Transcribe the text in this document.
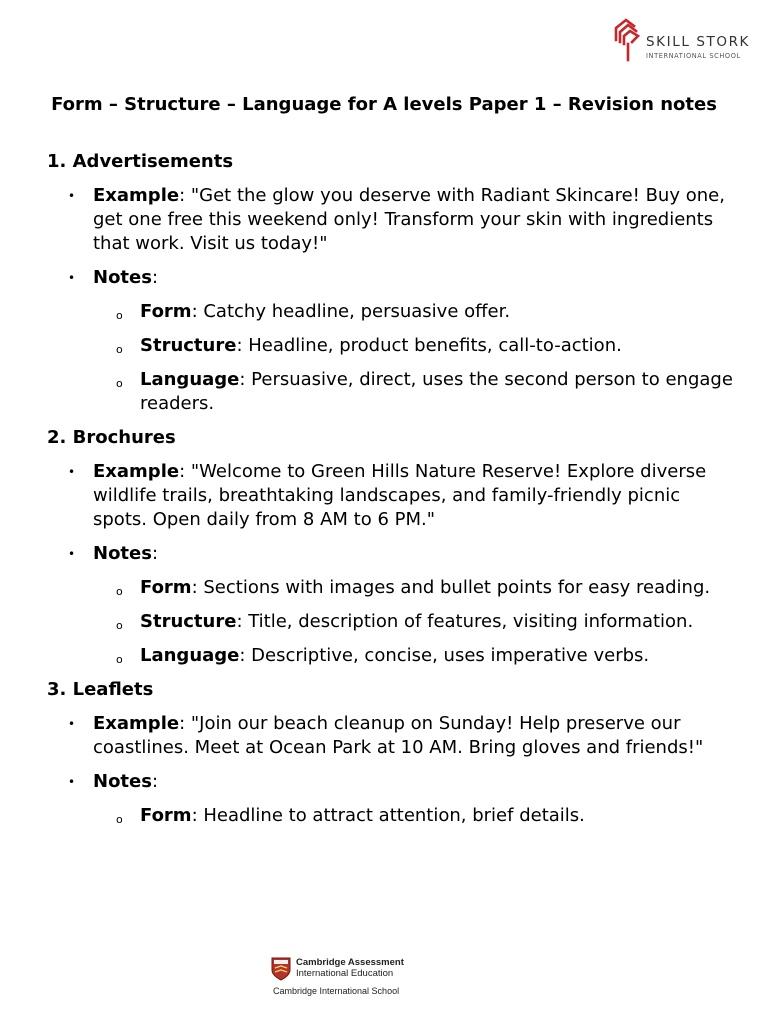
SKILL STORK
INTERNATIONAL SCHOOL
Form – Structure – Language for A levels Paper 1 – Revision notes
1. Advertisements
• Example: "Get the glow you deserve with Radiant Skincare! Buy one, get one free this weekend only! Transform your skin with ingredients that work. Visit us today!"
• Notes:
o Form: Catchy headline, persuasive offer.
o Structure: Headline, product benefits, call-to-action.
o Language: Persuasive, direct, uses the second person to engage readers.
2. Brochures
• Example: "Welcome to Green Hills Nature Reserve! Explore diverse wildlife trails, breathtaking landscapes, and family-friendly picnic spots. Open daily from 8 AM to 6 PM."
• Notes:
o Form: Sections with images and bullet points for easy reading.
o Structure: Title, description of features, visiting information.
o Language: Descriptive, concise, uses imperative verbs.
3. Leaflets
• Example: "Join our beach cleanup on Sunday! Help preserve our coastlines. Meet at Ocean Park at 10 AM. Bring gloves and friends!"
• Notes:
o Form: Headline to attract attention, brief details.
Cambridge Assessment
International Education
Cambridge International School
